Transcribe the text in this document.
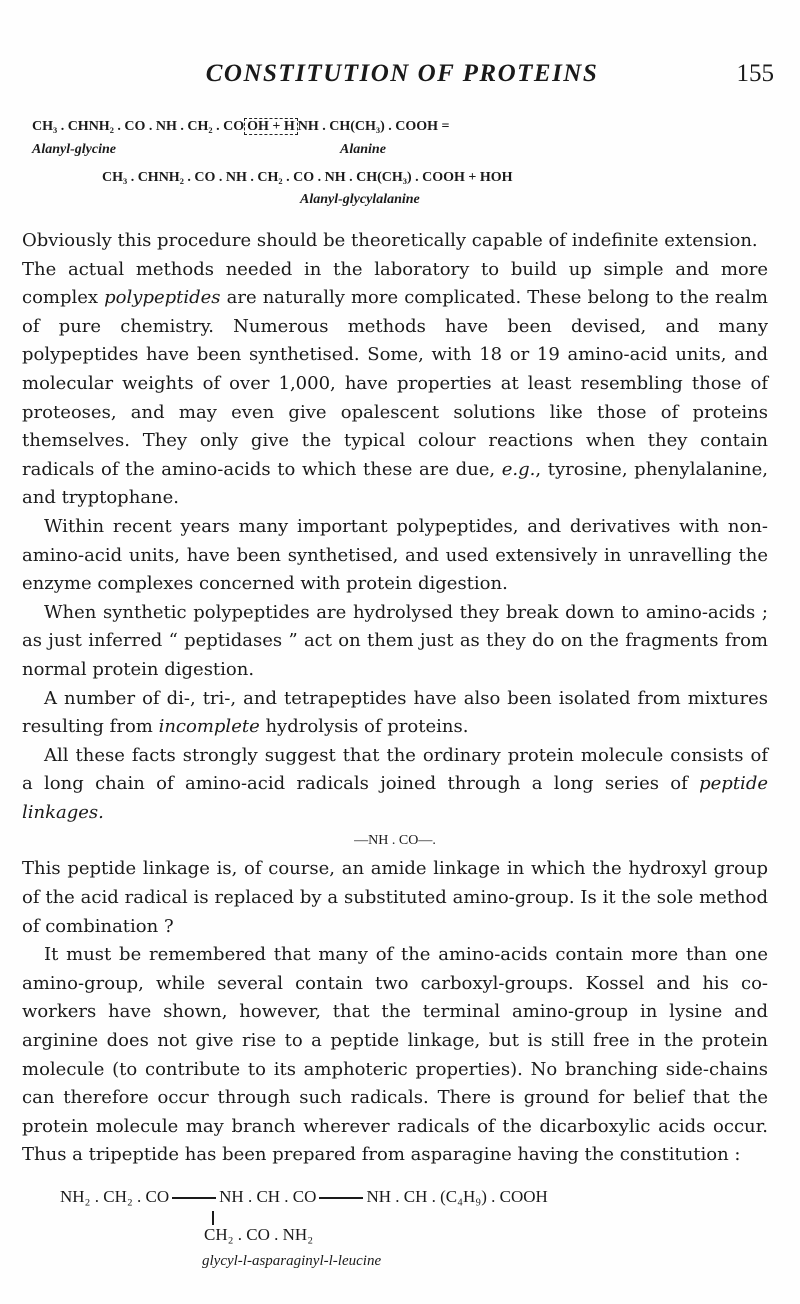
CONSTITUTION OF PROTEINS	155
CH₃ . CHNH₂ . CO . NH . CH₂ . CO OH + H NH . CH(CH₃) . COOH =
Alanyl-glycine	Alanine
CH₃ . CHNH₂ . CO . NH . CH₂ . CO . NH . CH(CH₃) . COOH + HOH
Alanyl-glycylalanine

Obviously this procedure should be theoretically capable of indefinite extension.

The actual methods needed in the laboratory to build up simple and more complex polypeptides are naturally more complicated. These belong to the realm of pure chemistry. Numerous methods have been devised, and many polypeptides have been synthetised. Some, with 18 or 19 amino-acid units, and molecular weights of over 1,000, have properties at least resembling those of proteoses, and may even give opalescent solutions like those of proteins themselves. They only give the typical colour reactions when they contain radicals of the amino-acids to which these are due, e.g., tyrosine, phenylalanine, and tryptophane.

Within recent years many important polypeptides, and derivatives with non-amino-acid units, have been synthetised, and used extensively in unravelling the enzyme complexes concerned with protein digestion.

When synthetic polypeptides are hydrolysed they break down to amino-acids ; as just inferred “ peptidases ” act on them just as they do on the fragments from normal protein digestion.

A number of di-, tri-, and tetrapeptides have also been isolated from mixtures resulting from incomplete hydrolysis of proteins.

All these facts strongly suggest that the ordinary protein molecule consists of a long chain of amino-acid radicals joined through a long series of peptide linkages.

—NH . CO—.

This peptide linkage is, of course, an amide linkage in which the hydroxyl group of the acid radical is replaced by a substituted amino-group. Is it the sole method of combination ?

It must be remembered that many of the amino-acids contain more than one amino-group, while several contain two carboxyl-groups. Kossel and his co-workers have shown, however, that the terminal amino-group in lysine and arginine does not give rise to a peptide linkage, but is still free in the protein molecule (to contribute to its amphoteric properties). No branching side-chains can therefore occur through such radicals. There is ground for belief that the protein molecule may branch wherever radicals of the dicarboxylic acids occur. Thus a tripeptide has been prepared from asparagine having the constitution :

NH₂ . CH₂ . CO	NH . CH . CO	NH . CH . (C₄H₉) . COOH
CH₂ . CO . NH₂
glycyl-l-asparaginyl-l-leucine
